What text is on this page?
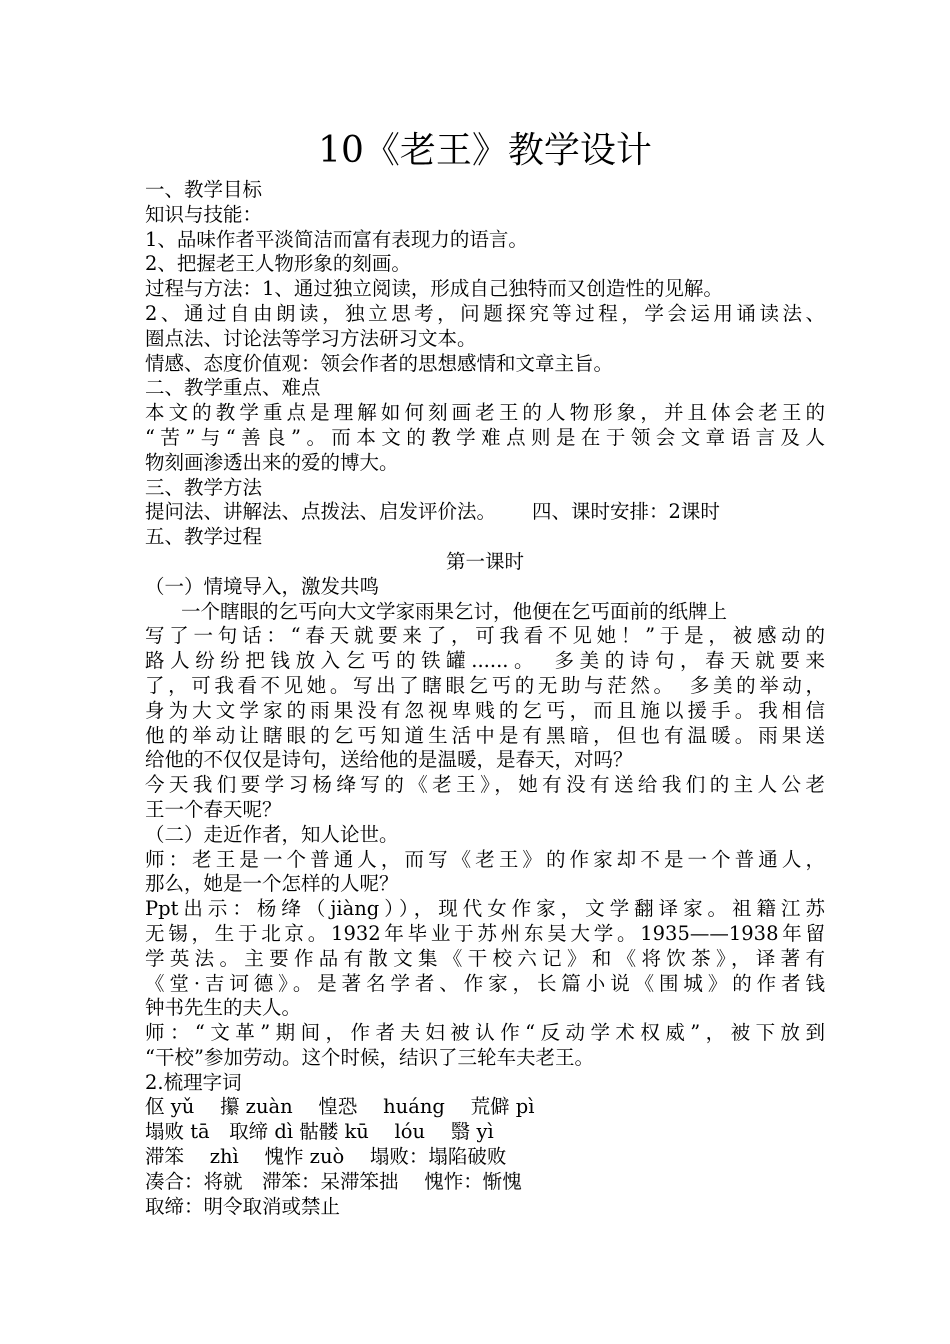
10《老王》教学设计
一、教学目标
知识与技能：
1、品味作者平淡简洁而富有表现力的语言。
2、把握老王人物形象的刻画。
过程与方法：1、通过独立阅读，形成自己独特而又创造性的见解。
2、通过自由朗读，独立思考，问题探究等过程，学会运用诵读法、
圈点法、讨论法等学习方法研习文本。
情感、态度价值观：领会作者的思想感情和文章主旨。
二、教学重点、难点
本文的教学重点是理解如何刻画老王的人物形象，并且体会老王的
“苦”与“善良”。而本文的教学难点则是在于领会文章语言及人
物刻画渗透出来的爱的博大。
三、教学方法
提问法、讲解法、点拨法、启发评价法。 四、课时安排：2课时
五、教学过程
第一课时
（一）情境导入，激发共鸣
一个瞎眼的乞丐向大文学家雨果乞讨，他便在乞丐面前的纸牌上
写了一句话：“春天就要来了，可我看不见她！”于是，被感动的
路人纷纷把钱放入乞丐的铁罐......。　多美的诗句，春天就要来
了，可我看不见她。写出了瞎眼乞丐的无助与茫然。　多美的举动，
身为大文学家的雨果没有忽视卑贱的乞丐，而且施以援手。我相信
他的举动让瞎眼的乞丐知道生活中是有黑暗，但也有温暖。雨果送
给他的不仅仅是诗句，送给他的是温暖，是春天，对吗？
今天我们要学习杨绛写的《老王》，她有没有送给我们的主人公老
王一个春天呢？
（二）走近作者，知人论世。
师：老王是一个普通人，而写《老王》的作家却不是一个普通人，
那么，她是一个怎样的人呢？
Ppt出示：杨绛（jiàng）），现代女作家，文学翻译家。祖籍江苏
无锡，生于北京。1932年毕业于苏州东吴大学。1935——1938年留
学英法。主要作品有散文集《干校六记》和《将饮茶》，译著有
《堂·吉诃德》。是著名学者、作家，长篇小说《围城》的作者钱
钟书先生的夫人。
师：“文革”期间，作者夫妇被认作“反动学术权威”，被下放到
“干校”参加劳动。这个时候，结识了三轮车夫老王。
2.梳理字词
伛 yǔ　 攥 zuàn　 惶恐　 huáng　 荒僻 pì
塌败 tā　取缔 dì 骷髅 kū　 lóu　 翳 yì
滞笨　 zhì　 愧怍 zuò　 塌败：塌陷破败
凑合：将就　滞笨：呆滞笨拙　 愧怍：惭愧
取缔：明令取消或禁止
